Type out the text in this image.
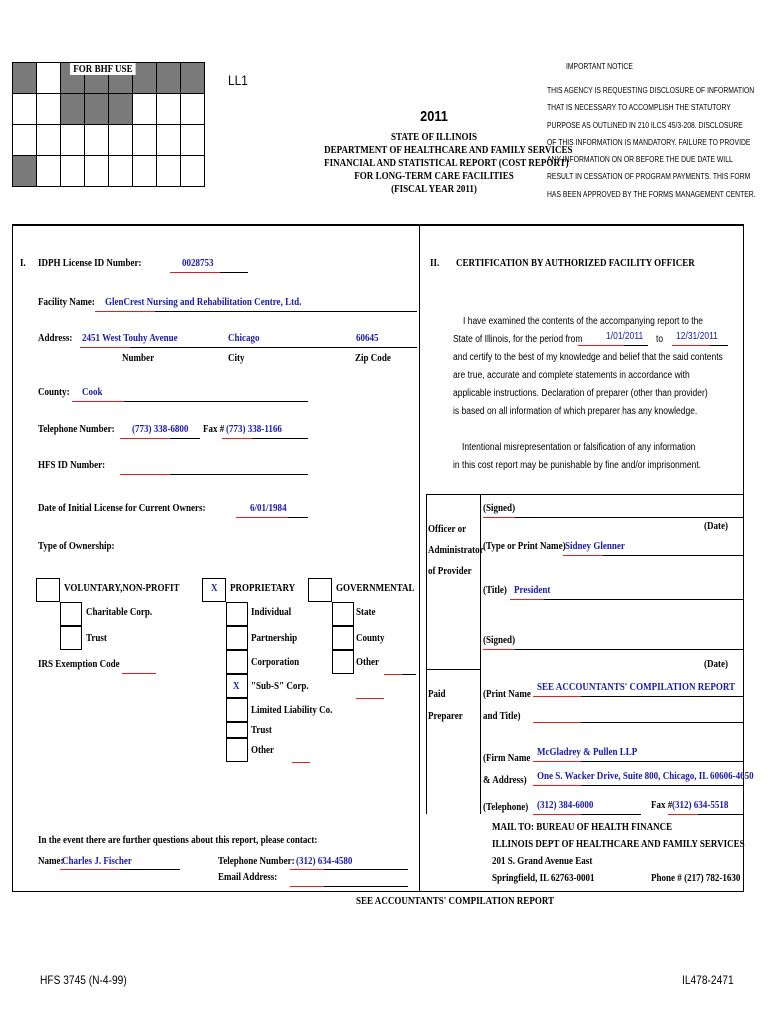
FOR BHF USE
LL1
2011
STATE OF ILLINOIS
DEPARTMENT OF HEALTHCARE AND FAMILY SERVICES
FINANCIAL AND STATISTICAL REPORT (COST REPORT)
FOR LONG-TERM CARE FACILITIES
(FISCAL YEAR 2011)
IMPORTANT NOTICE
THIS AGENCY IS REQUESTING DISCLOSURE OF INFORMATION
THAT IS NECESSARY TO ACCOMPLISH THE STATUTORY
PURPOSE AS OUTLINED IN 210 ILCS 45/3-208. DISCLOSURE
OF THIS INFORMATION IS MANDATORY. FAILURE TO PROVIDE
ANY INFORMATION ON OR BEFORE THE DUE DATE WILL
RESULT IN CESSATION OF PROGRAM PAYMENTS. THIS FORM
HAS BEEN APPROVED BY THE FORMS MANAGEMENT CENTER.
I. IDPH License ID Number:	0028753
Facility Name: GlenCrest Nursing and Rehabilitation Centre, Ltd.
Address: 2451 West Touhy Avenue	Chicago	60645
Number	City	Zip Code
County: Cook
Telephone Number: (773) 338-6800 Fax # (773) 338-1166
HFS ID Number:
Date of Initial License for Current Owners:	6/01/1984
Type of Ownership:
VOLUNTARY,NON-PROFIT	X PROPRIETARY	GOVERNMENTAL
Charitable Corp.
Trust
IRS Exemption Code
Individual
Partnership
Corporation
X "Sub-S" Corp.
Limited Liability Co.
Trust
Other
State
County
Other
In the event there are further questions about this report, please contact:
Name:
Charles J. Fischer	Telephone Number: (312) 634-4580
Email Address:
II. CERTIFICATION BY AUTHORIZED FACILITY OFFICER
I have examined the contents of the accompanying report to the
State of Illinois, for the period from 1/01/2011 to 12/31/2011
and certify to the best of my knowledge and belief that the said contents
are true, accurate and complete statements in accordance with
applicable instructions. Declaration of preparer (other than provider)
is based on all information of which preparer has any knowledge.
Intentional misrepresentation or falsification of any information
in this cost report may be punishable by fine and/or imprisonment.
Officer or
Administrator
of Provider
(Signed)
(Date)
(Type or Print Name) Sidney Glenner
(Title) President
(Signed)
(Date)
Paid
Preparer
(Print Name
and Title)
SEE ACCOUNTANTS' COMPILATION REPORT
(Firm Name
& Address)
McGladrey & Pullen LLP
One S. Wacker Drive, Suite 800, Chicago, IL 60606-4650
(Telephone) (312) 384-6000	Fax # (312) 634-5518
MAIL TO: BUREAU OF HEALTH FINANCE
ILLINOIS DEPT OF HEALTHCARE AND FAMILY SERVICES
201 S. Grand Avenue East
Springfield, IL 62763-0001	Phone # (217) 782-1630
SEE ACCOUNTANTS' COMPILATION REPORT
HFS 3745 (N-4-99)	IL478-2471
